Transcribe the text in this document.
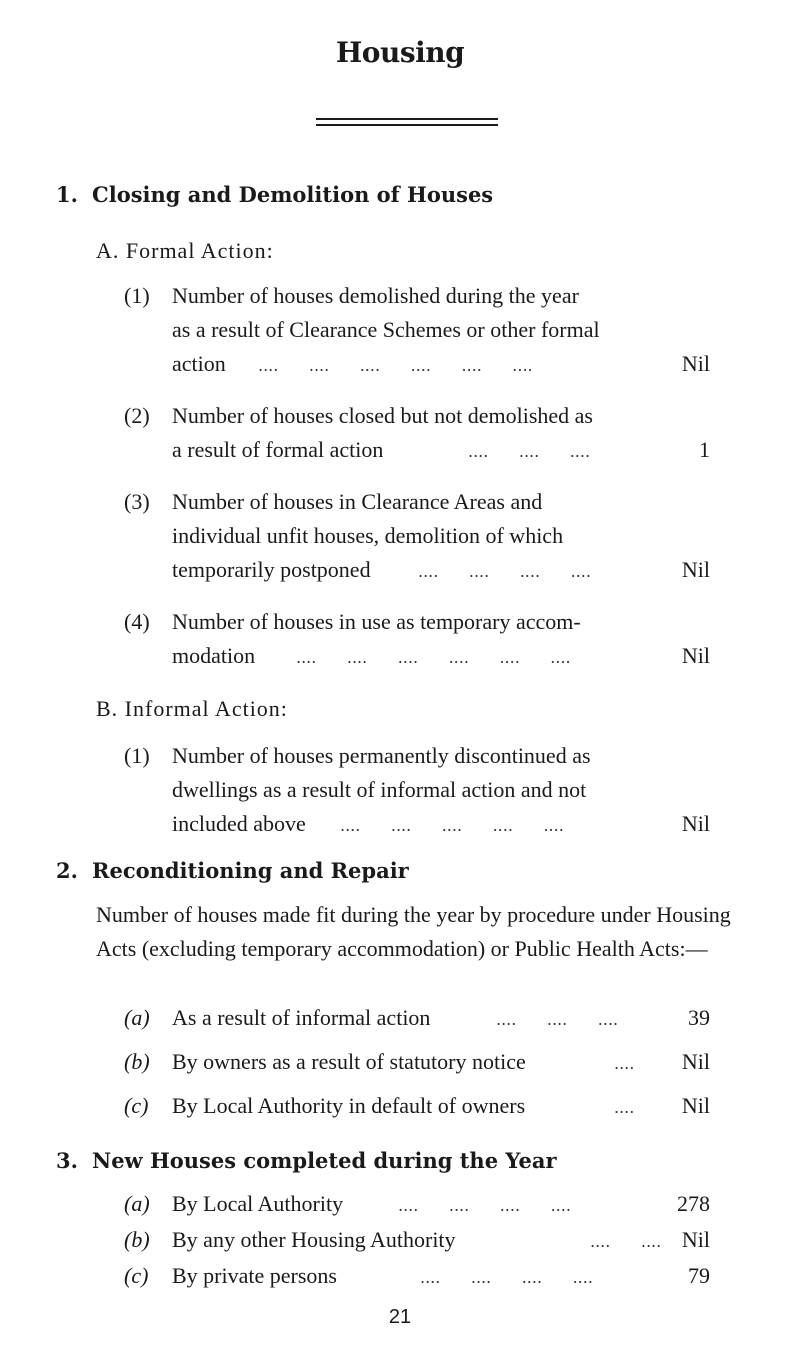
Housing
1. Closing and Demolition of Houses
A. Formal Action:
(1) Number of houses demolished during the year
as a result of Clearance Schemes or other formal
action ....      ....      ....      ....      ....      ....	Nil
(2) Number of houses closed but not demolished as
a result of formal action	....      ....      ....	1
(3) Number of houses in Clearance Areas and
individual unfit houses, demolition of which
temporarily postponed	....      ....      ....      ....	Nil
(4) Number of houses in use as temporary accom-
modation	....      ....      ....      ....      ....      ....	Nil
B. Informal Action:
(1) Number of houses permanently discontinued as
dwellings as a result of informal action and not
included above ....      ....      ....      ....      ....	Nil
2. Reconditioning and Repair
Number of houses made fit during the year by procedure under Housing Acts (excluding temporary accommodation) or Public Health Acts:—
(a) As a result of informal action	....      ....      ....	39
(b) By owners as a result of statutory notice	....	Nil
(c) By Local Authority in default of owners	....	Nil
3. New Houses completed during the Year
(a) By Local Authority	....      ....      ....      ....	278
21
(b) By any other Housing Authority	Nil
(c) By private persons	79
....      ....
....      ....      ....      ....
